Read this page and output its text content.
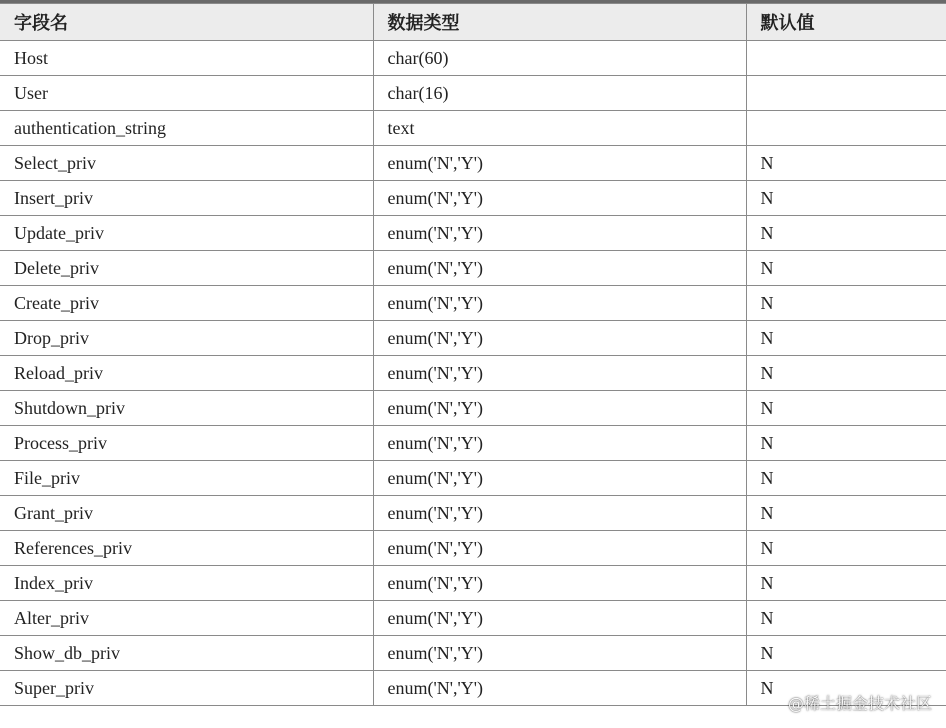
字段名	数据类型	默认值
Host	char(60)	
User	char(16)	
authentication_string	text	
Select_priv	enum('N','Y')	N
Insert_priv	enum('N','Y')	N
Update_priv	enum('N','Y')	N
Delete_priv	enum('N','Y')	N
Create_priv	enum('N','Y')	N
Drop_priv	enum('N','Y')	N
Reload_priv	enum('N','Y')	N
Shutdown_priv	enum('N','Y')	N
Process_priv	enum('N','Y')	N
File_priv	enum('N','Y')	N
Grant_priv	enum('N','Y')	N
References_priv	enum('N','Y')	N
Index_priv	enum('N','Y')	N
Alter_priv	enum('N','Y')	N
Show_db_priv	enum('N','Y')	N
Super_priv	enum('N','Y')	N
@稀土掘金技术社区
